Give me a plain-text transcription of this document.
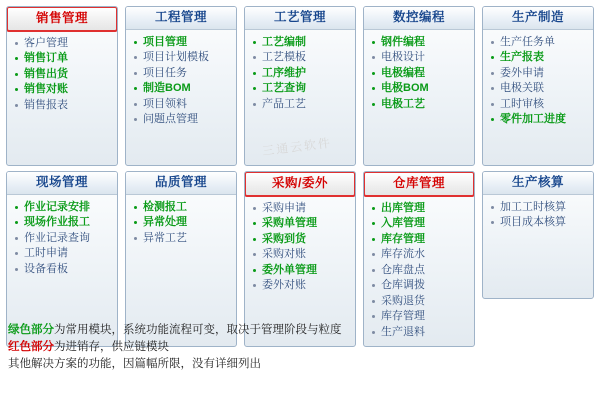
销售管理
客户管理
销售订单
销售出货
销售对账
销售报表
工程管理
项目管理
项目计划模板
项目任务
制造BOM
项目领料
问题点管理
工艺管理
工艺编制
工艺模板
工序维护
工艺查询
产品工艺
数控编程
钢件编程
电极设计
电极编程
电极BOM
电极工艺
生产制造
生产任务单
生产报表
委外申请
电极关联
工时审核
零件加工进度
现场管理
作业记录安排
现场作业报工
作业记录查询
工时申请
设备看板
品质管理
检测报工
异常处理
异常工艺
采购/委外
采购申请
采购单管理
采购到货
采购对账
委外单管理
委外对账
仓库管理
出库管理
入库管理
库存管理
库存流水
仓库盘点
仓库调拨
采购退货
库存管理
生产退料
生产核算
加工工时核算
项目成本核算
三通云软件
绿色部分为常用模块，系统功能流程可变，取决于管理阶段与粒度
红色部分为进销存，供应链模块
其他解决方案的功能，因篇幅所限，没有详细列出
